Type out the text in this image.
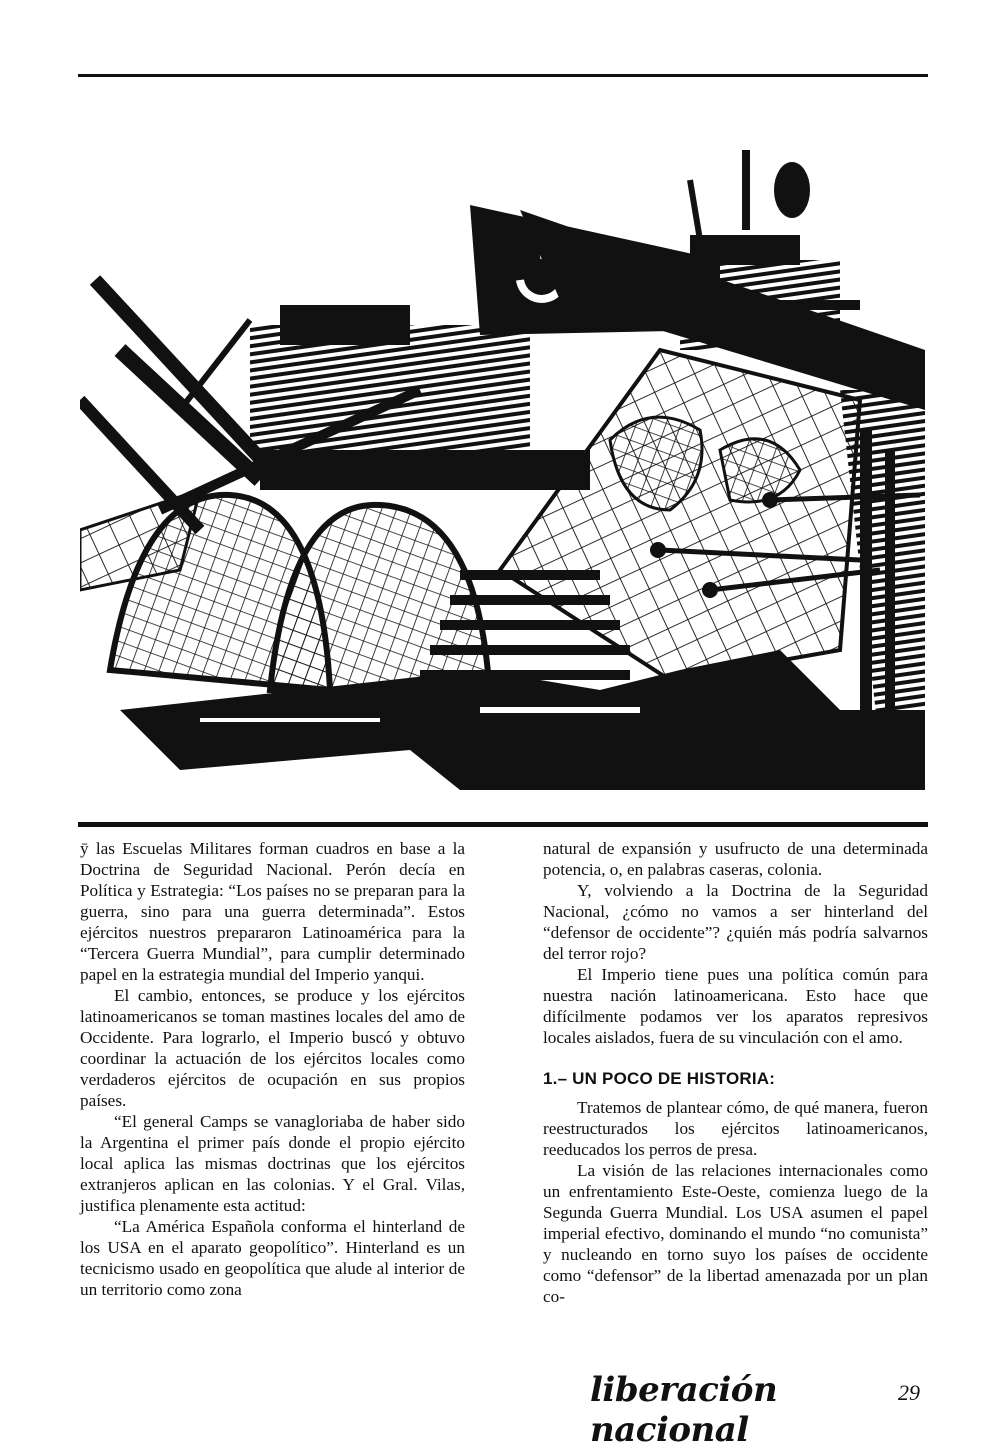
ȳ las Escuelas Militares forman cuadros en base a la Doctrina de Seguridad Nacional. Perón decía en Política y Estrategia: “Los países no se preparan para la guerra, sino para una guerra determinada”. Estos ejércitos nuestros prepararon Latinoamérica para la “Tercera Guerra Mundial”, para cumplir determinado papel en la estrategia mundial del Imperio yanqui.

El cambio, entonces, se produce y los ejércitos latinoamericanos se toman mastines locales del amo de Occidente. Para lograrlo, el Imperio buscó y obtuvo coordinar la actuación de los ejércitos locales como verdaderos ejércitos de ocupación en sus propios países.

“El general Camps se vanagloriaba de haber sido la Argentina el primer país donde el propio ejército local aplica las mismas doctrinas que los ejércitos extranjeros aplican en las colonias. Y el Gral. Vilas, justifica plenamente esta actitud:

“La América Española conforma el hinterland de los USA en el aparato geopolítico”. Hinterland es un tecnicismo usado en geopolítica que alude al interior de un territorio como zona

natural de expansión y usufructo de una determinada potencia, o, en palabras caseras, colonia.

Y, volviendo a la Doctrina de la Seguridad Nacional, ¿cómo no vamos a ser hinterland del “defensor de occidente”? ¿quién más podría salvarnos del terror rojo?

El Imperio tiene pues una política común para nuestra nación latinoamericana. Esto hace que difícilmente podamos ver los aparatos represivos locales aislados, fuera de su vinculación con el amo.

1.– UN POCO DE HISTORIA:

Tratemos de plantear cómo, de qué manera, fueron reestructurados los ejércitos latinoamericanos, reeducados los perros de presa.

La visión de las relaciones internacionales como un enfrentamiento Este-Oeste, comienza luego de la Segunda Guerra Mundial. Los USA asumen el papel imperial efectivo, dominando el mundo “no comunista” y nucleando en torno suyo los países de occidente como “defensor” de la libertad amenazada por un plan co-

liberación nacional
29
